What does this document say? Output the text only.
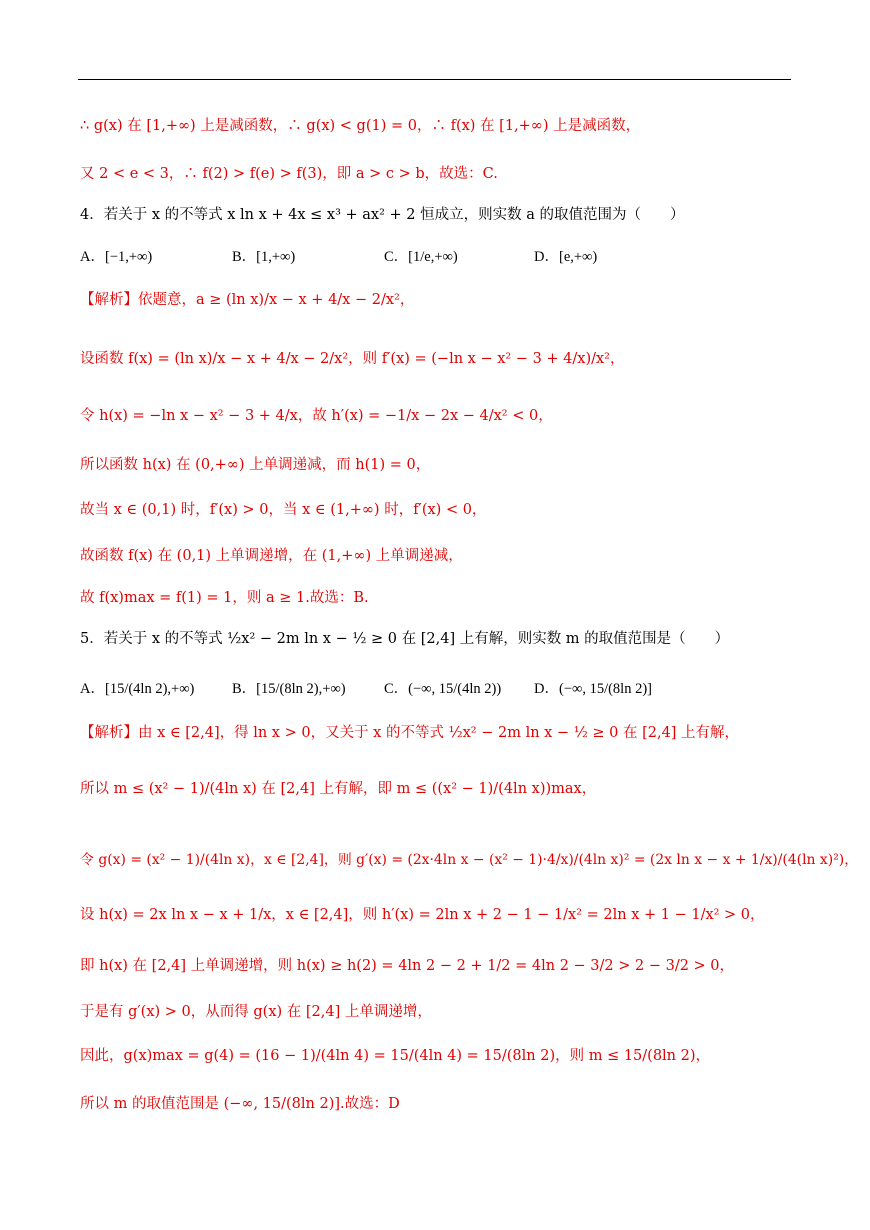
∴ g(x) 在 [1,+∞) 上是减函数，∴ g(x) < g(1) = 0，∴ f(x) 在 [1,+∞) 上是减函数，
又 2 < e < 3，∴ f(2) > f(e) > f(3)，即 a > c > b，故选：C.
4．若关于 x 的不等式 x ln x + 4x ≤ x³ + ax² + 2 恒成立，则实数 a 的取值范围为（　　）
A．[−1,+∞)	B．[1,+∞)	C．[1/e,+∞)	D．[e,+∞)
【解析】依题意，a ≥ (ln x)/x − x + 4/x − 2/x²，
设函数 f(x) = (ln x)/x − x + 4/x − 2/x²，则 f′(x) = (−ln x − x² − 3 + 4/x)/x²，
令 h(x) = −ln x − x² − 3 + 4/x，故 h′(x) = −1/x − 2x − 4/x² < 0，
所以函数 h(x) 在 (0,+∞) 上单调递减，而 h(1) = 0，
故当 x ∈ (0,1) 时，f′(x) > 0，当 x ∈ (1,+∞) 时，f′(x) < 0，
故函数 f(x) 在 (0,1) 上单调递增，在 (1,+∞) 上单调递减，
故 f(x)max = f(1) = 1，则 a ≥ 1.故选：B.
5．若关于 x 的不等式 ½x² − 2m ln x − ½ ≥ 0 在 [2,4] 上有解，则实数 m 的取值范围是（　　）
A．[15/(4ln 2),+∞)	B．[15/(8ln 2),+∞)	C．(−∞, 15/(4ln 2)) D．(−∞, 15/(8ln 2)]
【解析】由 x ∈ [2,4]，得 ln x > 0，又关于 x 的不等式 ½x² − 2m ln x − ½ ≥ 0 在 [2,4] 上有解，
所以 m ≤ (x² − 1)/(4ln x) 在 [2,4] 上有解，即 m ≤ ((x² − 1)/(4ln x))max，
令 g(x) = (x² − 1)/(4ln x)，x ∈ [2,4]，则 g′(x) = (2x·4ln x − (x² − 1)·4/x)/(4ln x)² = (2x ln x − x + 1/x)/(4(ln x)²)，
设 h(x) = 2x ln x − x + 1/x，x ∈ [2,4]，则 h′(x) = 2ln x + 2 − 1 − 1/x² = 2ln x + 1 − 1/x² > 0，
即 h(x) 在 [2,4] 上单调递增，则 h(x) ≥ h(2) = 4ln 2 − 2 + 1/2 = 4ln 2 − 3/2 > 2 − 3/2 > 0，
于是有 g′(x) > 0，从而得 g(x) 在 [2,4] 上单调递增，
因此，g(x)max = g(4) = (16 − 1)/(4ln 4) = 15/(4ln 4) = 15/(8ln 2)，则 m ≤ 15/(8ln 2)，
所以 m 的取值范围是 (−∞, 15/(8ln 2)].故选：D
